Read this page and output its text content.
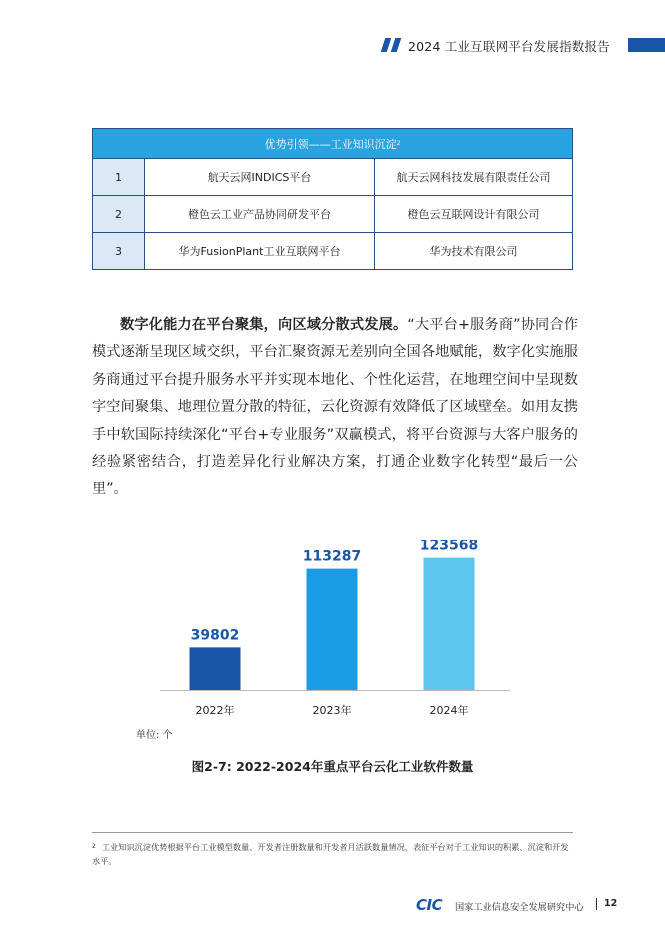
2024 工业互联网平台发展指数报告
优势引领——工业知识沉淀 2
1	航天云网INDICS平台	航天云网科技发展有限责任公司
2	橙色云工业产品协同研发平台	橙色云互联网设计有限公司
3	华为FusionPlant工业互联网平台	华为技术有限公司

数字化能力在平台聚集，向区域分散式发展。“大平台+服务商”协同合作模式逐渐呈现区域交织，平台汇聚资源无差别向全国各地赋能，数字化实施服务商通过平台提升服务水平并实现本地化、个性化运营，在地理空间中呈现数字空间聚集、地理位置分散的特征，云化资源有效降低了区域壁垒。如用友携手中软国际持续深化“平台+专业服务”双赢模式，将平台资源与大客户服务的经验紧密结合，打造差异化行业解决方案，打通企业数字化转型“最后一公里”。

39802
2022年
113287
2023年
123568
2024年
单位: 个
图2-7: 2022-2024年重点平台云化工业软件数量
$^2$ 工业知识沉淀优势根据平台工业模型数量、开发者注册数量和开发者月活跃数量情况，表征平台对于工业知识的积累、沉淀和开发水平。
CIC 国家工业信息安全发展研究中心 12
